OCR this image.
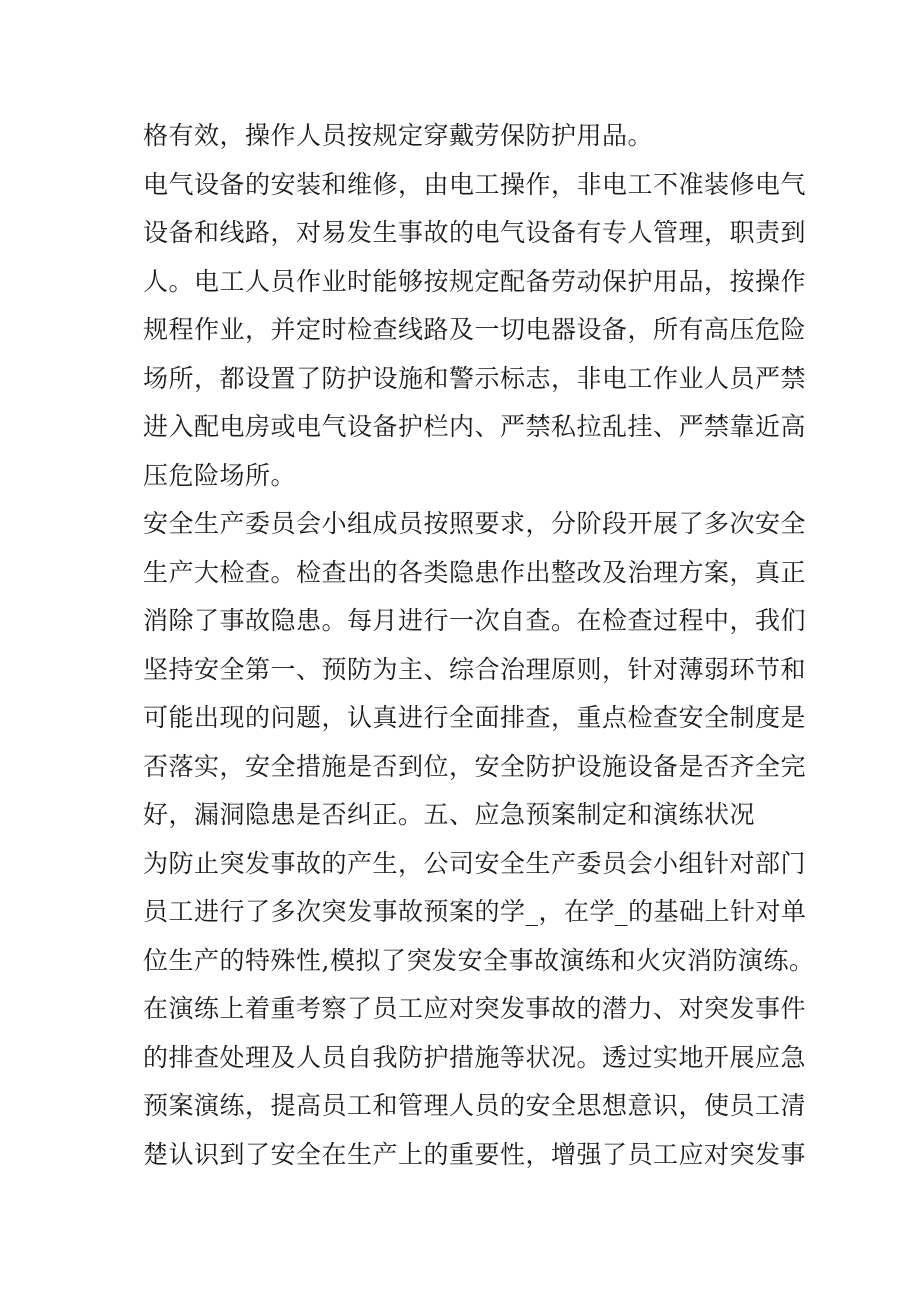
格有效，操作人员按规定穿戴劳保防护用品。
电气设备的安装和维修，由电工操作，非电工不准装修电气
设备和线路，对易发生事故的电气设备有专人管理，职责到
人。电工人员作业时能够按规定配备劳动保护用品，按操作
规程作业，并定时检查线路及一切电器设备，所有高压危险
场所，都设置了防护设施和警示标志，非电工作业人员严禁
进入配电房或电气设备护栏内、严禁私拉乱挂、严禁靠近高
压危险场所。
安全生产委员会小组成员按照要求，分阶段开展了多次安全
生产大检查。检查出的各类隐患作出整改及治理方案，真正
消除了事故隐患。每月进行一次自查。在检查过程中，我们
坚持安全第一、预防为主、综合治理原则，针对薄弱环节和
可能出现的问题，认真进行全面排查，重点检查安全制度是
否落实，安全措施是否到位，安全防护设施设备是否齐全完
好，漏洞隐患是否纠正。五、应急预案制定和演练状况
为防止突发事故的产生，公司安全生产委员会小组针对部门
员工进行了多次突发事故预案的学_，在学_的基础上针对单
位生产的特殊性,模拟了突发安全事故演练和火灾消防演练。
在演练上着重考察了员工应对突发事故的潜力、对突发事件
的排查处理及人员自我防护措施等状况。透过实地开展应急
预案演练，提高员工和管理人员的安全思想意识，使员工清
楚认识到了安全在生产上的重要性，增强了员工应对突发事
